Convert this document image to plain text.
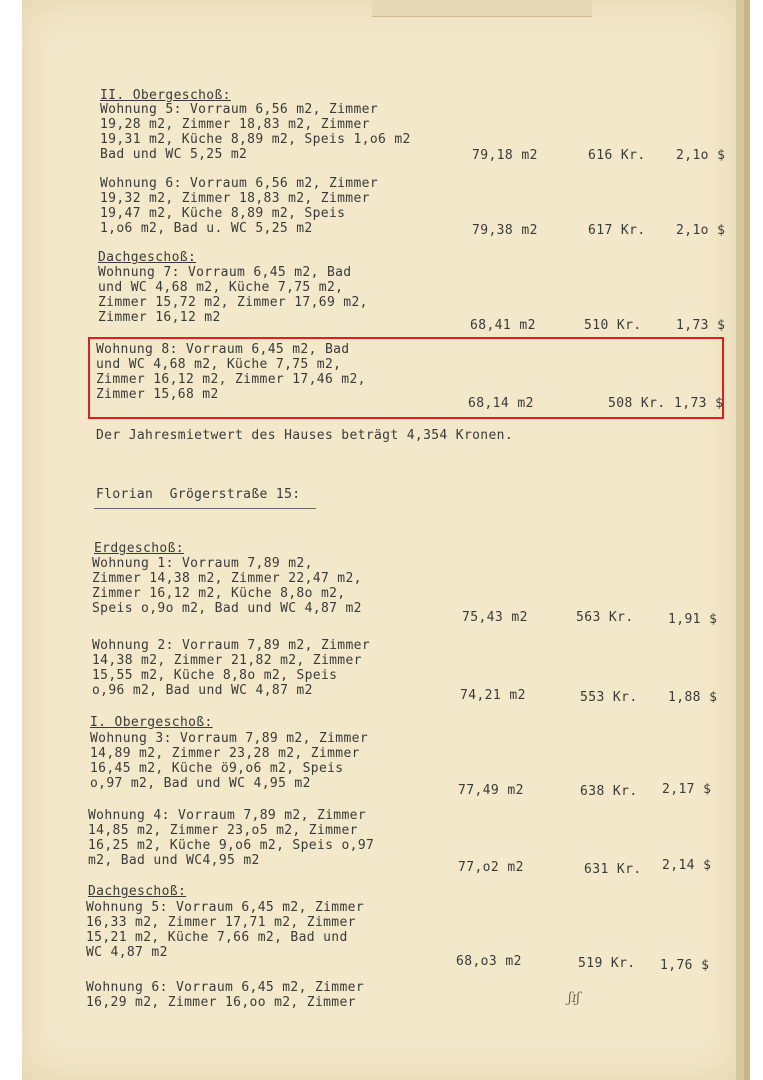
II. Obergeschoß:

Wohnung 5: Vorraum 6,56 m2, Zimmer
19,28 m2, Zimmer 18,83 m2, Zimmer
19,31 m2, Küche 8,89 m2, Speis 1,o6 m2
Bad und WC 5,25 m2	79,18 m2	616 Kr.	2,1o $

Wohnung 6: Vorraum 6,56 m2, Zimmer
19,32 m2, Zimmer 18,83 m2, Zimmer
19,47 m2, Küche 8,89 m2, Speis
1,o6 m2, Bad u. WC 5,25 m2	79,38 m2	617 Kr.	2,1o $

Dachgeschoß:

Wohnung 7: Vorraum 6,45 m2, Bad
und WC 4,68 m2, Küche 7,75 m2,
Zimmer 15,72 m2, Zimmer 17,69 m2,
Zimmer 16,12 m2

68,41 m2	510 Kr.	1,73 $

Wohnung 8: Vorraum 6,45 m2, Bad
und WC 4,68 m2, Küche 7,75 m2,
Zimmer 16,12 m2, Zimmer 17,46 m2,
Zimmer 15,68 m2

68,14 m2	508 Kr. 1,73 $

Der Jahresmietwert des Hauses beträgt 4,354 Kronen.

Florian  Grögerstraße 15:

Erdgeschoß:

Wohnung 1: Vorraum 7,89 m2,
Zimmer 14,38 m2, Zimmer 22,47 m2,
Zimmer 16,12 m2, Küche 8,8o m2,
Speis o,9o m2, Bad und WC 4,87 m2

75,43 m2	563 Kr.	1,91 $

Wohnung 2: Vorraum 7,89 m2, Zimmer
14,38 m2, Zimmer 21,82 m2, Zimmer
15,55 m2, Küche 8,8o m2, Speis
o,96 m2, Bad und WC 4,87 m2	74,21 m2	553 Kr.	1,88 $

I. Obergeschoß:

Wohnung 3: Vorraum 7,89 m2, Zimmer
14,89 m2, Zimmer 23,28 m2, Zimmer
16,45 m2, Küche ö9,o6 m2, Speis
o,97 m2, Bad und WC 4,95 m2	77,49 m2	638 Kr.	2,17 $

Wohnung 4: Vorraum 7,89 m2, Zimmer
14,85 m2, Zimmer 23,o5 m2, Zimmer
16,25 m2, Küche 9,o6 m2, Speis o,97
m2, Bad und WC4,95 m2	77,o2 m2	631 Kr.	2,14 $

Dachgeschoß:

Wohnung 5: Vorraum 6,45 m2, Zimmer
16,33 m2, Zimmer 17,71 m2, Zimmer
15,21 m2, Küche 7,66 m2, Bad und
WC 4,87 m2

68,o3 m2	519 Kr.	1,76 $

Wohnung 6: Vorraum 6,45 m2, Zimmer
16,29 m2, Zimmer 16,oo m2, Zimmer	ʃɪʃ
